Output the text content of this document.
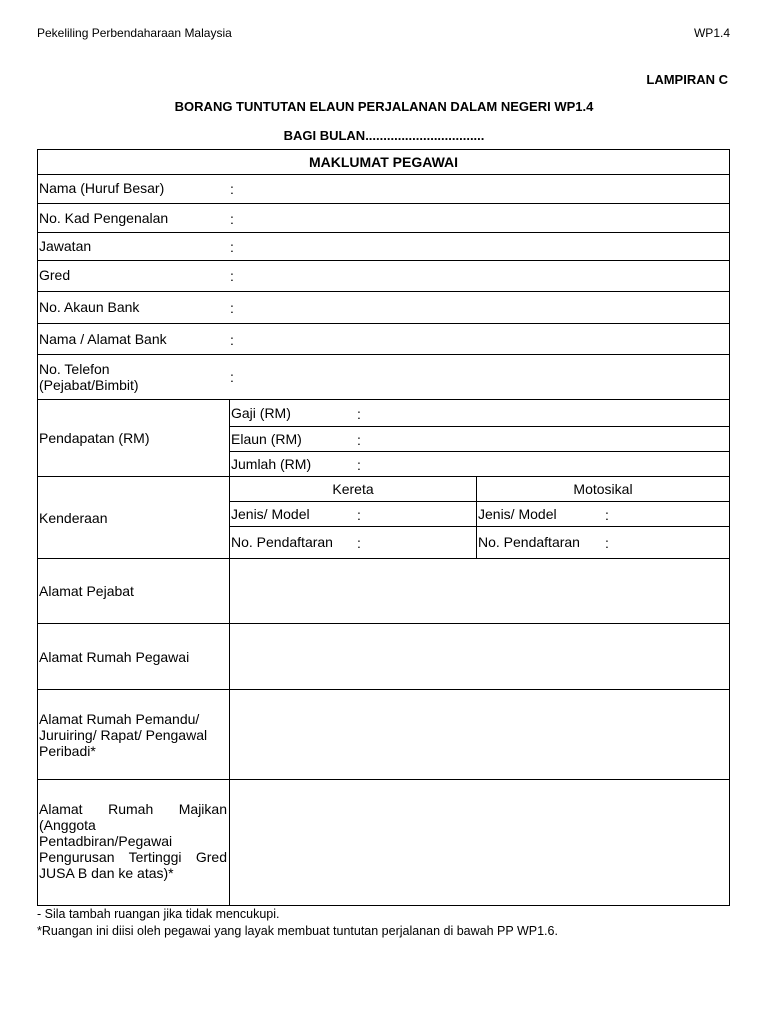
Pekeliling Perbendaharaan Malaysia	WP1.4
LAMPIRAN C
BORANG TUNTUTAN ELAUN PERJALANAN DALAM NEGERI WP1.4
BAGI BULAN.................................
MAKLUMAT PEGAWAI
Nama (Huruf Besar)	:
No. Kad Pengenalan	:
Jawatan	:
Gred	:
No. Akaun Bank	:
Nama / Alamat Bank	:
No. Telefon
(Pejabat/Bimbit)	:
Pendapatan (RM)
Gaji (RM)	:
Elaun (RM)	:
Jumlah (RM)	:
Kenderaan
Kereta	Motosikal
Jenis/ Model	:	Jenis/ Model	:
No. Pendaftaran :	No. Pendaftaran :
Alamat Pejabat
Alamat Rumah Pegawai
Alamat Rumah Pemandu/ Juruiring/ Rapat/ Pengawal Peribadi*
Alamat Rumah Majikan (Anggota Pentadbiran/Pegawai Pengurusan Tertinggi Gred JUSA B dan ke atas)*
- Sila tambah ruangan jika tidak mencukupi.
*Ruangan ini diisi oleh pegawai yang layak membuat tuntutan perjalanan di bawah PP WP1.6.
